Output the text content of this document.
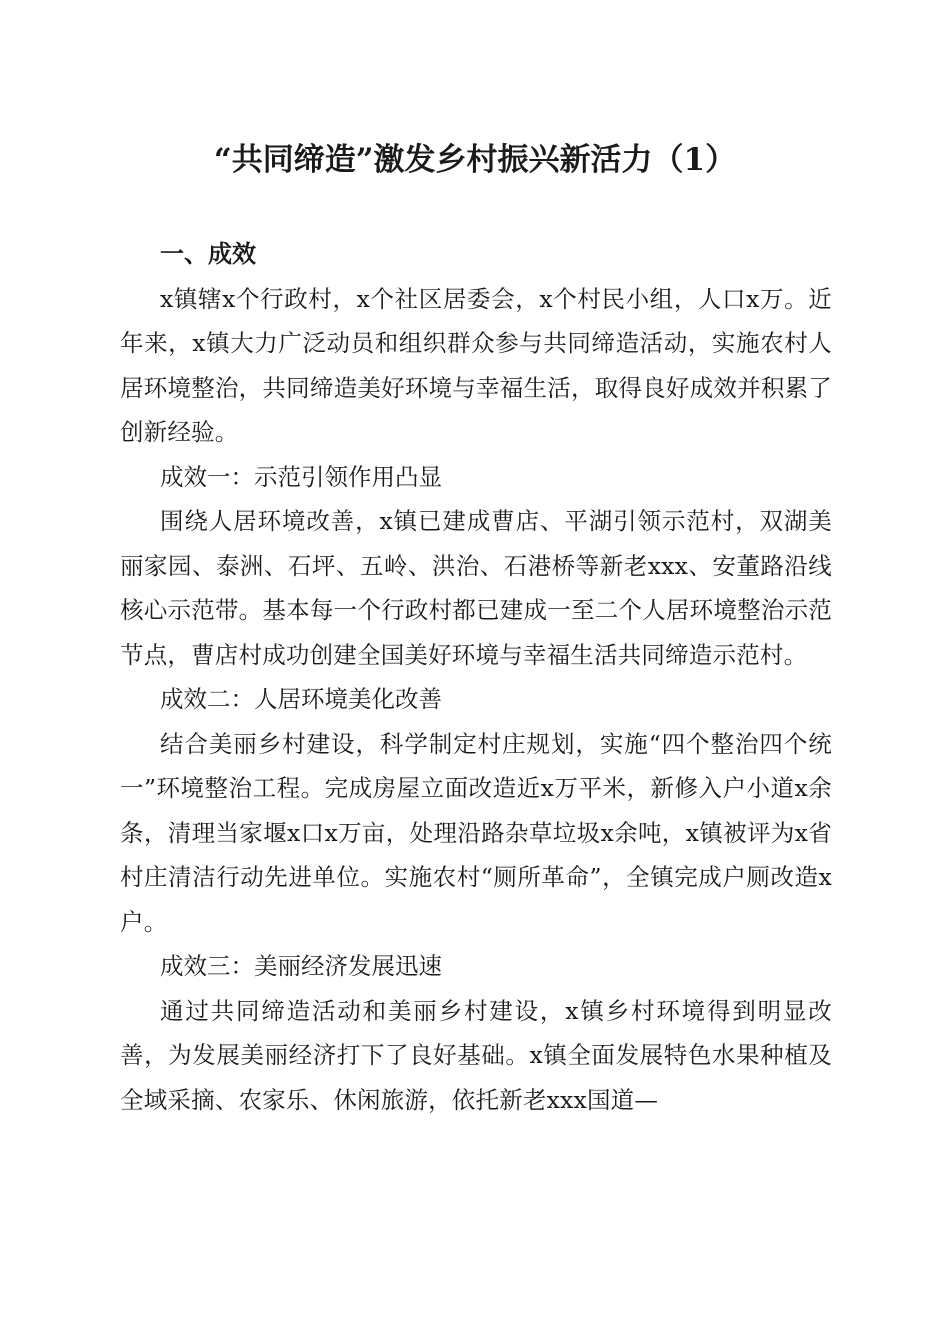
“共同缔造”激发乡村振兴新活力（1）

一、成效

x镇辖x个行政村，x个社区居委会，x个村民小组，人口x万。近年来，x镇大力广泛动员和组织群众参与共同缔造活动，实施农村人居环境整治，共同缔造美好环境与幸福生活，取得良好成效并积累了创新经验。

成效一：示范引领作用凸显

围绕人居环境改善，x镇已建成曹店、平湖引领示范村，双湖美丽家园、泰洲、石坪、五岭、洪治、石港桥等新老xxx、安董路沿线核心示范带。基本每一个行政村都已建成一至二个人居环境整治示范节点，曹店村成功创建全国美好环境与幸福生活共同缔造示范村。

成效二：人居环境美化改善

结合美丽乡村建设，科学制定村庄规划，实施“四个整治四个统一”环境整治工程。完成房屋立面改造近x万平米，新修入户小道x余条，清理当家堰x口x万亩，处理沿路杂草垃圾x余吨，x镇被评为x省村庄清洁行动先进单位。实施农村“厕所革命”，全镇完成户厕改造x户。

成效三：美丽经济发展迅速

通过共同缔造活动和美丽乡村建设，x镇乡村环境得到明显改善，为发展美丽经济打下了良好基础。x镇全面发展特色水果种植及全域采摘、农家乐、休闲旅游，依托新老xxx国道—
